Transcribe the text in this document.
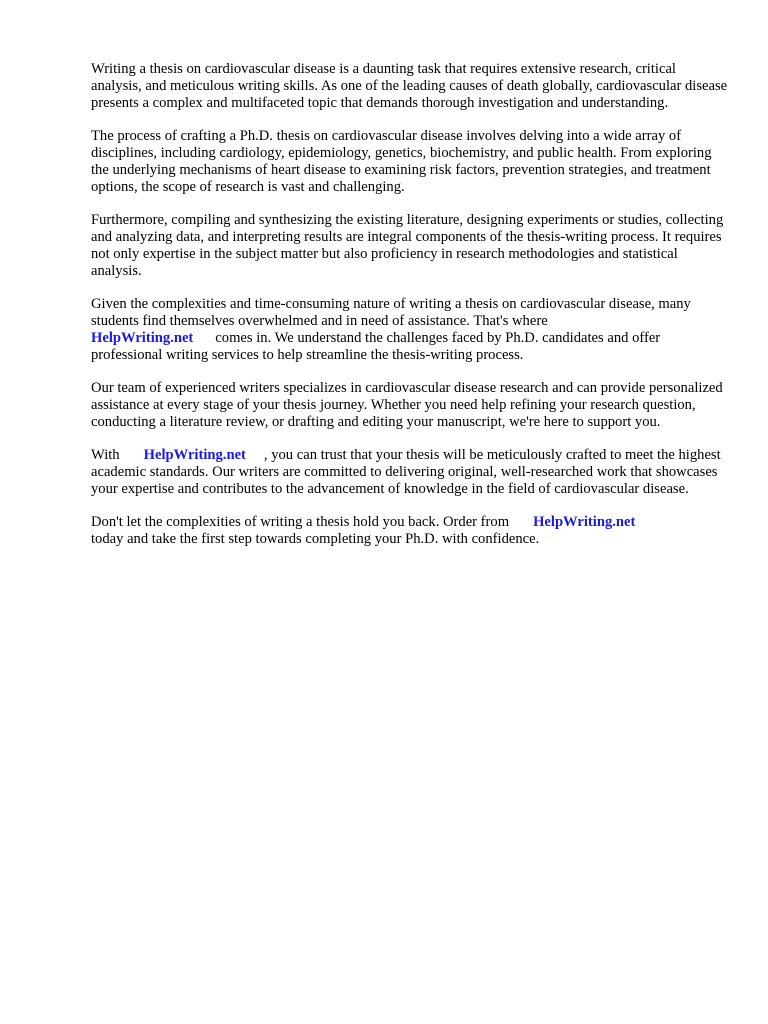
Writing a thesis on cardiovascular disease is a daunting task that requires extensive research, critical analysis, and meticulous writing skills. As one of the leading causes of death globally, cardiovascular disease presents a complex and multifaceted topic that demands thorough investigation and understanding.

The process of crafting a Ph.D. thesis on cardiovascular disease involves delving into a wide array of disciplines, including cardiology, epidemiology, genetics, biochemistry, and public health. From exploring the underlying mechanisms of heart disease to examining risk factors, prevention strategies, and treatment options, the scope of research is vast and challenging.

Furthermore, compiling and synthesizing the existing literature, designing experiments or studies, collecting and analyzing data, and interpreting results are integral components of the thesis-writing process. It requires not only expertise in the subject matter but also proficiency in research methodologies and statistical analysis.

Given the complexities and time-consuming nature of writing a thesis on cardiovascular disease, many students find themselves overwhelmed and in need of assistance. That's where
HelpWriting.net comes in. We understand the challenges faced by Ph.D. candidates and offer professional writing services to help streamline the thesis-writing process.

Our team of experienced writers specializes in cardiovascular disease research and can provide personalized assistance at every stage of your thesis journey. Whether you need help refining your research question, conducting a literature review, or drafting and editing your manuscript, we're here to support you.

With HelpWriting.net , you can trust that your thesis will be meticulously crafted to meet the highest academic standards. Our writers are committed to delivering original, well-researched work that showcases your expertise and contributes to the advancement of knowledge in the field of cardiovascular disease.

Don't let the complexities of writing a thesis hold you back. Order from HelpWriting.net
today and take the first step towards completing your Ph.D. with confidence.
